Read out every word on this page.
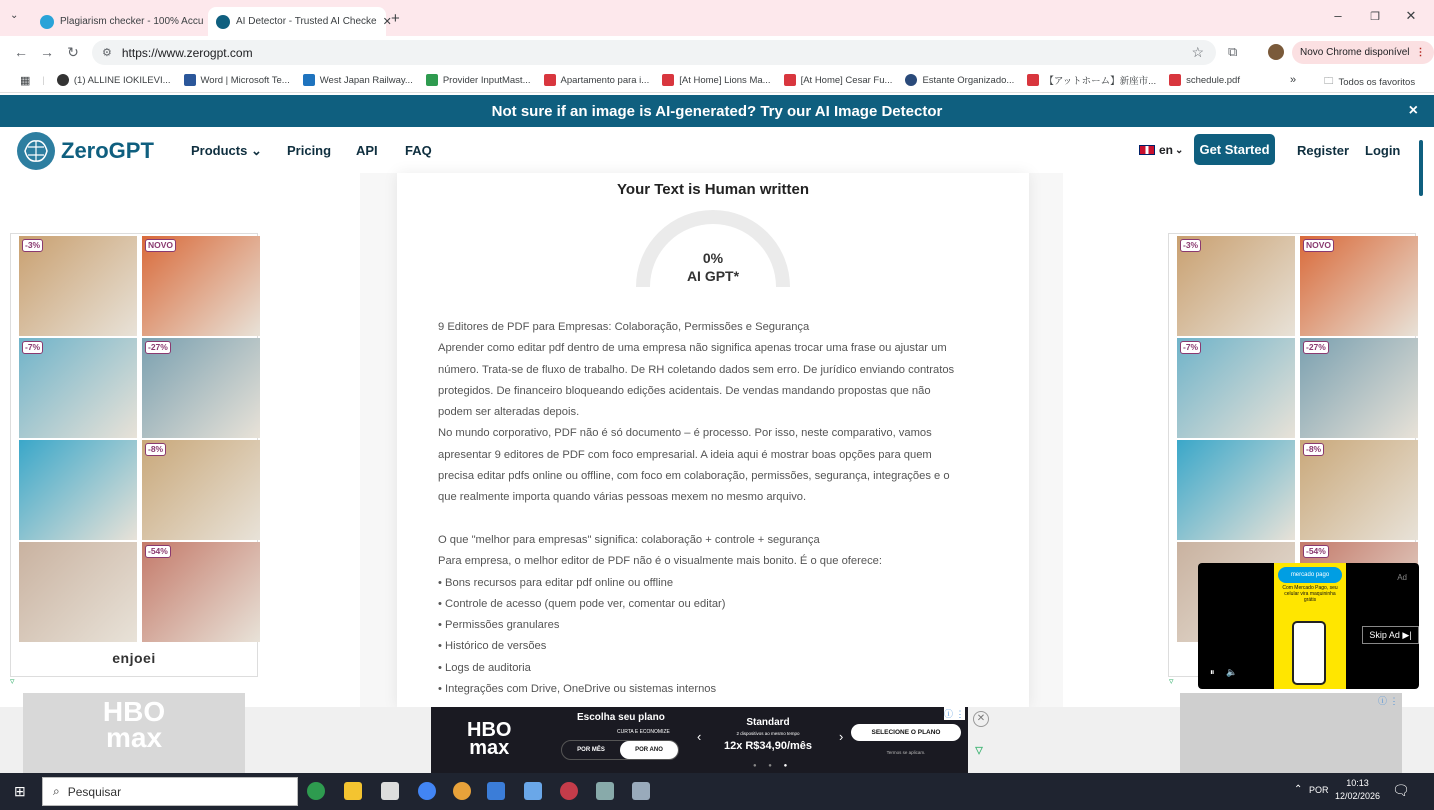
⌄
Plagiarism checker - 100% Accu	AI Detector - Trusted AI Checke ✕ +	–	❐	✕
← → ↻	⚙ https://www.zerogpt.com	☆ ⧉	Novo Chrome disponível ⋮
▦ |	(1) ALLINE IOKILEVI...	Word | Microsoft Te...	West Japan Railway...	Provider InputMast...	Apartamento para i...	[At Home] Lions Ma...	[At Home] Cesar Fu...	Estante Organizado...	【アットホーム】新座市...	schedule.pdf	»	🗀 Todos os favoritos
Not sure if an image is AI-generated? Try our AI Image Detector	×
ZeroGPT	Products ⌄ Pricing API FAQ	en ⌄	Get Started	Register Login
Your Text is Human written
0%
AI GPT*
9 Editores de PDF para Empresas: Colaboração, Permissões e Segurança
Aprender como editar pdf dentro de uma empresa não significa apenas trocar uma frase ou ajustar um
número. Trata-se de fluxo de trabalho. De RH coletando dados sem erro. De jurídico enviando contratos
protegidos. De financeiro bloqueando edições acidentais. De vendas mandando propostas que não
podem ser alteradas depois.
No mundo corporativo, PDF não é só documento – é processo. Por isso, neste comparativo, vamos
apresentar 9 editores de PDF com foco empresarial. A ideia aqui é mostrar boas opções para quem
precisa editar pdfs online ou offline, com foco em colaboração, permissões, segurança, integrações e o
que realmente importa quando várias pessoas mexem no mesmo arquivo.

O que "melhor para empresas" significa: colaboração + controle + segurança
Para empresa, o melhor editor de PDF não é o visualmente mais bonito. É o que oferece:
• Bons recursos para editar pdf online ou offline
• Controle de acesso (quem pode ver, comentar ou editar)
• Permissões granulares
• Histórico de versões
• Logs de auditoria
• Integrações com Drive, OneDrive ou sistemas internos
-3%	NOVO
-7%	-27%
-8%
-54%
enjoei
▿
-3%	NOVO
-7%	-27%
-8%
-54%
▿
Ad
mercado pago
Com Mercado Pago, seu celular vira maquininha grátis
⏸ 🔈
Skip Ad ▶|
HBO
max
ⓘ ⋮
HBO
max
Escolha seu plano
CURTA E ECONOMIZE
POR MÊS	POR ANO
‹
Standard
2 dispositivos ao mesmo tempo
12x R$34,90/mês
›	SELECIONE O PLANO
Termos se aplicam.
● ● ●
ⓘ ⋮	✕
▿
⊞ ⌕ Pesquisar	⌃ POR
10:13
12/02/2026 🗨
